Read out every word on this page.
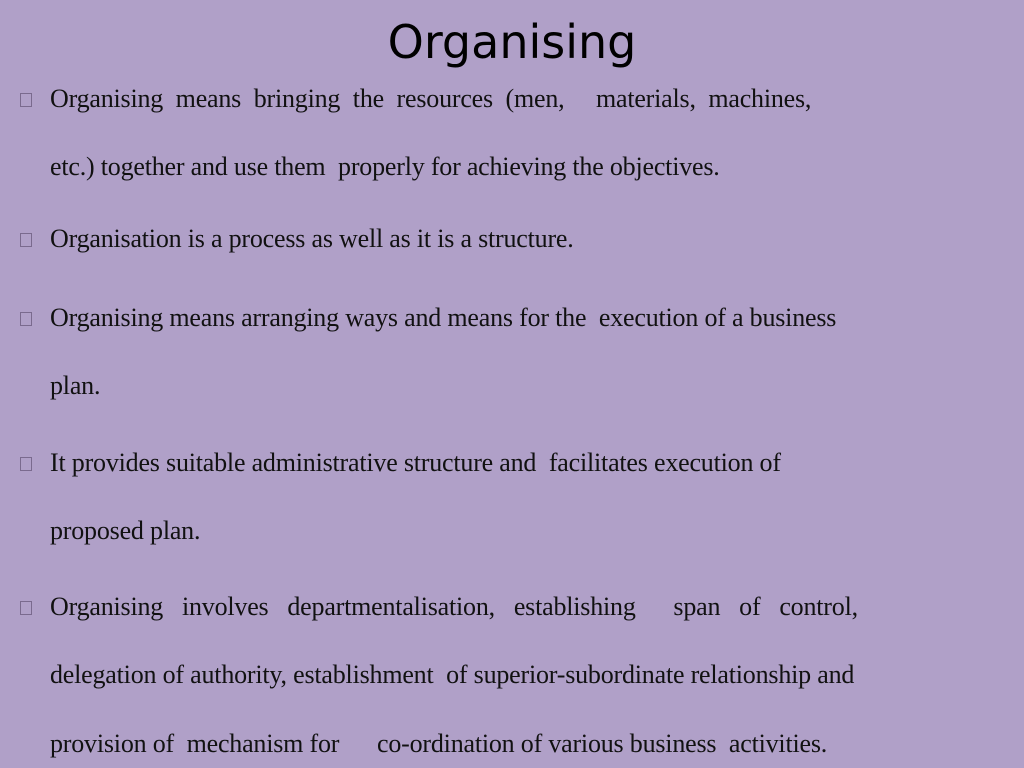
Organising
Organising  means  bringing  the  resources  (men,     materials,  machines,
etc.) together and use them  properly for achieving the objectives.
Organisation is a process as well as it is a structure.
Organising means arranging ways and means for the  execution of a business
plan.
It provides suitable administrative structure and  facilitates execution of
proposed plan.
Organising   involves   departmentalisation,   establishing      span   of   control,
delegation of authority, establishment  of superior-subordinate relationship and
provision of  mechanism for      co-ordination of various business  activities.
